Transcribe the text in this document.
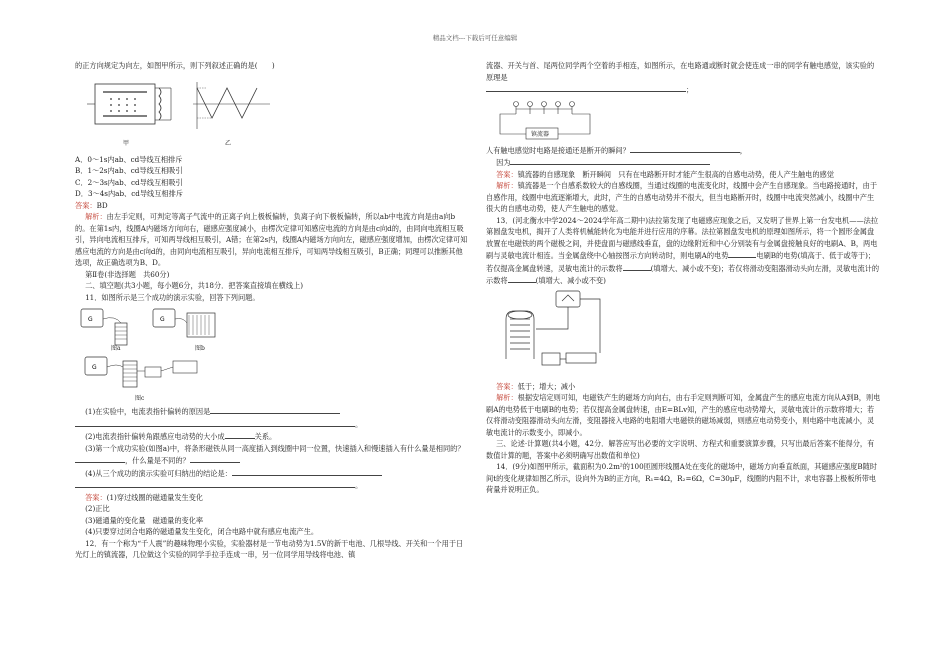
精品文档---下载后可任意编辑

的正方向规定为向左，如图甲所示，则下列叙述正确的是(　　)

甲	乙

A．0～1s内ab、cd导线互相排斥

B．1～2s内ab、cd导线互相吸引

C．2～3s内ab、cd导线互相吸引

D．3～4s内ab、cd导线互相排斥

答案：BD

解析：由左手定则，可判定等离子气流中的正离子向上极板偏转，负离子向下极板偏转，所以ab中电流方向是由a向b的。在第1s内，线圈A内磁场方向向右，磁感应强度减小，由楞次定律可知感应电流的方向是由c向d的，由同向电流相互吸引，异向电流相互排斥，可知两导线相互吸引，A错；在第2s内，线圈A内磁场方向向左，磁感应强度增加，由楞次定律可知感应电流的方向是由c向d的，由同向电流相互吸引，异向电流相互排斥，可知两导线相互吸引，B正确；同理可以推断其他选项，故正确选项为B、D。

第Ⅱ卷(非选择题　共60分)

二、填空题(共3小题，每小题6分，共18分．把答案直接填在横线上)

11．如图所示是三个成功的演示实验，回答下列问题。

G	G
G
图a	图b
图c

(1)在实验中，电流表指针偏转的原因是

。

(2)电流表指针偏转角跟感应电动势的大小成	关系。

(3)第一个成功实验(如图a)中，将条形磁铁从同一高度插入到线圈中同一位置，快速插入和慢速插入有什么量是相同的？，什么量是不同的？

(4)从三个成功的演示实验可归纳出的结论是：

。

答案：(1)穿过线圈的磁通量发生变化

(2)正比

(3)磁通量的变化量　磁通量的变化率

(4)只要穿过闭合电路的磁通量发生变化，闭合电路中就有感应电流产生。

12．有一个称为“千人震”的趣味物理小实验，实验器材是一节电动势为1.5V的新干电池、几根导线、开关和一个用于日光灯上的镇流器，几位做这个实验的同学手拉手连成一串，另一位同学用导线将电池、镇

流器、开关与首、尾两位同学两个空着的手相连，如图所示，在电路通或断时就会使连成一串的同学有触电感觉，该实验的原理是

；

镇流器

人有触电感觉时电路是接通还是断开的瞬间？	，

因为

答案：镇流器的自感现象　断开瞬间　只有在电路断开时才能产生很高的自感电动势，使人产生触电的感觉

解析：镇流器是一个自感系数较大的自感线圈，当通过线圈的电流变化时，线圈中会产生自感现象。当电路接通时，由于自感作用，线圈中电流逐渐增大，此时，产生的自感电动势并不很大，但当电路断开时，线圈中电流突然减小，线圈中产生很大的自感电动势，使人产生触电的感觉。

13．(河北衡水中学2024～2024学年高二期中)法拉第发现了电磁感应现象之后，又发明了世界上第一台发电机——法拉第圆盘发电机，揭开了人类将机械能转化为电能并进行应用的序幕。法拉第圆盘发电机的原理如图所示，将一个圆形金属盘放置在电磁铁的两个磁极之间，并使盘面与磁感线垂直，盘的边缘附近和中心分别装有与金属盘接触良好的电刷A、B，两电刷与灵敏电流计相连。当金属盘绕中心轴按图示方向转动时，则电刷A的电势	电刷B的电势(填高于、低于或等于)；若仅提高金属盘转速，灵敏电流计的示数将	(填增大、减小或不变)；若仅将滑动变阻器滑动头向左滑，灵敏电流计的示数将	(填增大、减小或不变)

答案：低于；增大；减小

解析：根据安培定则可知，电磁铁产生的磁场方向向右，由右手定则判断可知，金属盘产生的感应电流方向从A到B，则电刷A的电势低于电刷B的电势；若仅提高金属盘转速，由E=BLv知，产生的感应电动势增大，灵敏电流计的示数将增大；若仅将滑动变阻器滑动头向左滑，变阻器接入电路的电阻增大电磁铁的磁场减弱，则感应电动势变小，则电路中电流减小，灵敏电流计的示数变小，即减小。

三、论述·计算题(共4小题，42分．解答应写出必要的文字说明、方程式和重要演算步骤，只写出最后答案不能得分，有数值计算的题，答案中必须明确写出数值和单位)

14．(9分)如图甲所示，截面积为0.2m²的100匝圆形线圈A处在变化的磁场中，磁场方向垂直纸面，其磁感应强度B随时间t的变化规律如图乙所示，设向外为B的正方向，R₁=4Ω，R₂=6Ω，C=30μF，线圈的内阻不计，求电容器上极板所带电荷量并说明正负。
